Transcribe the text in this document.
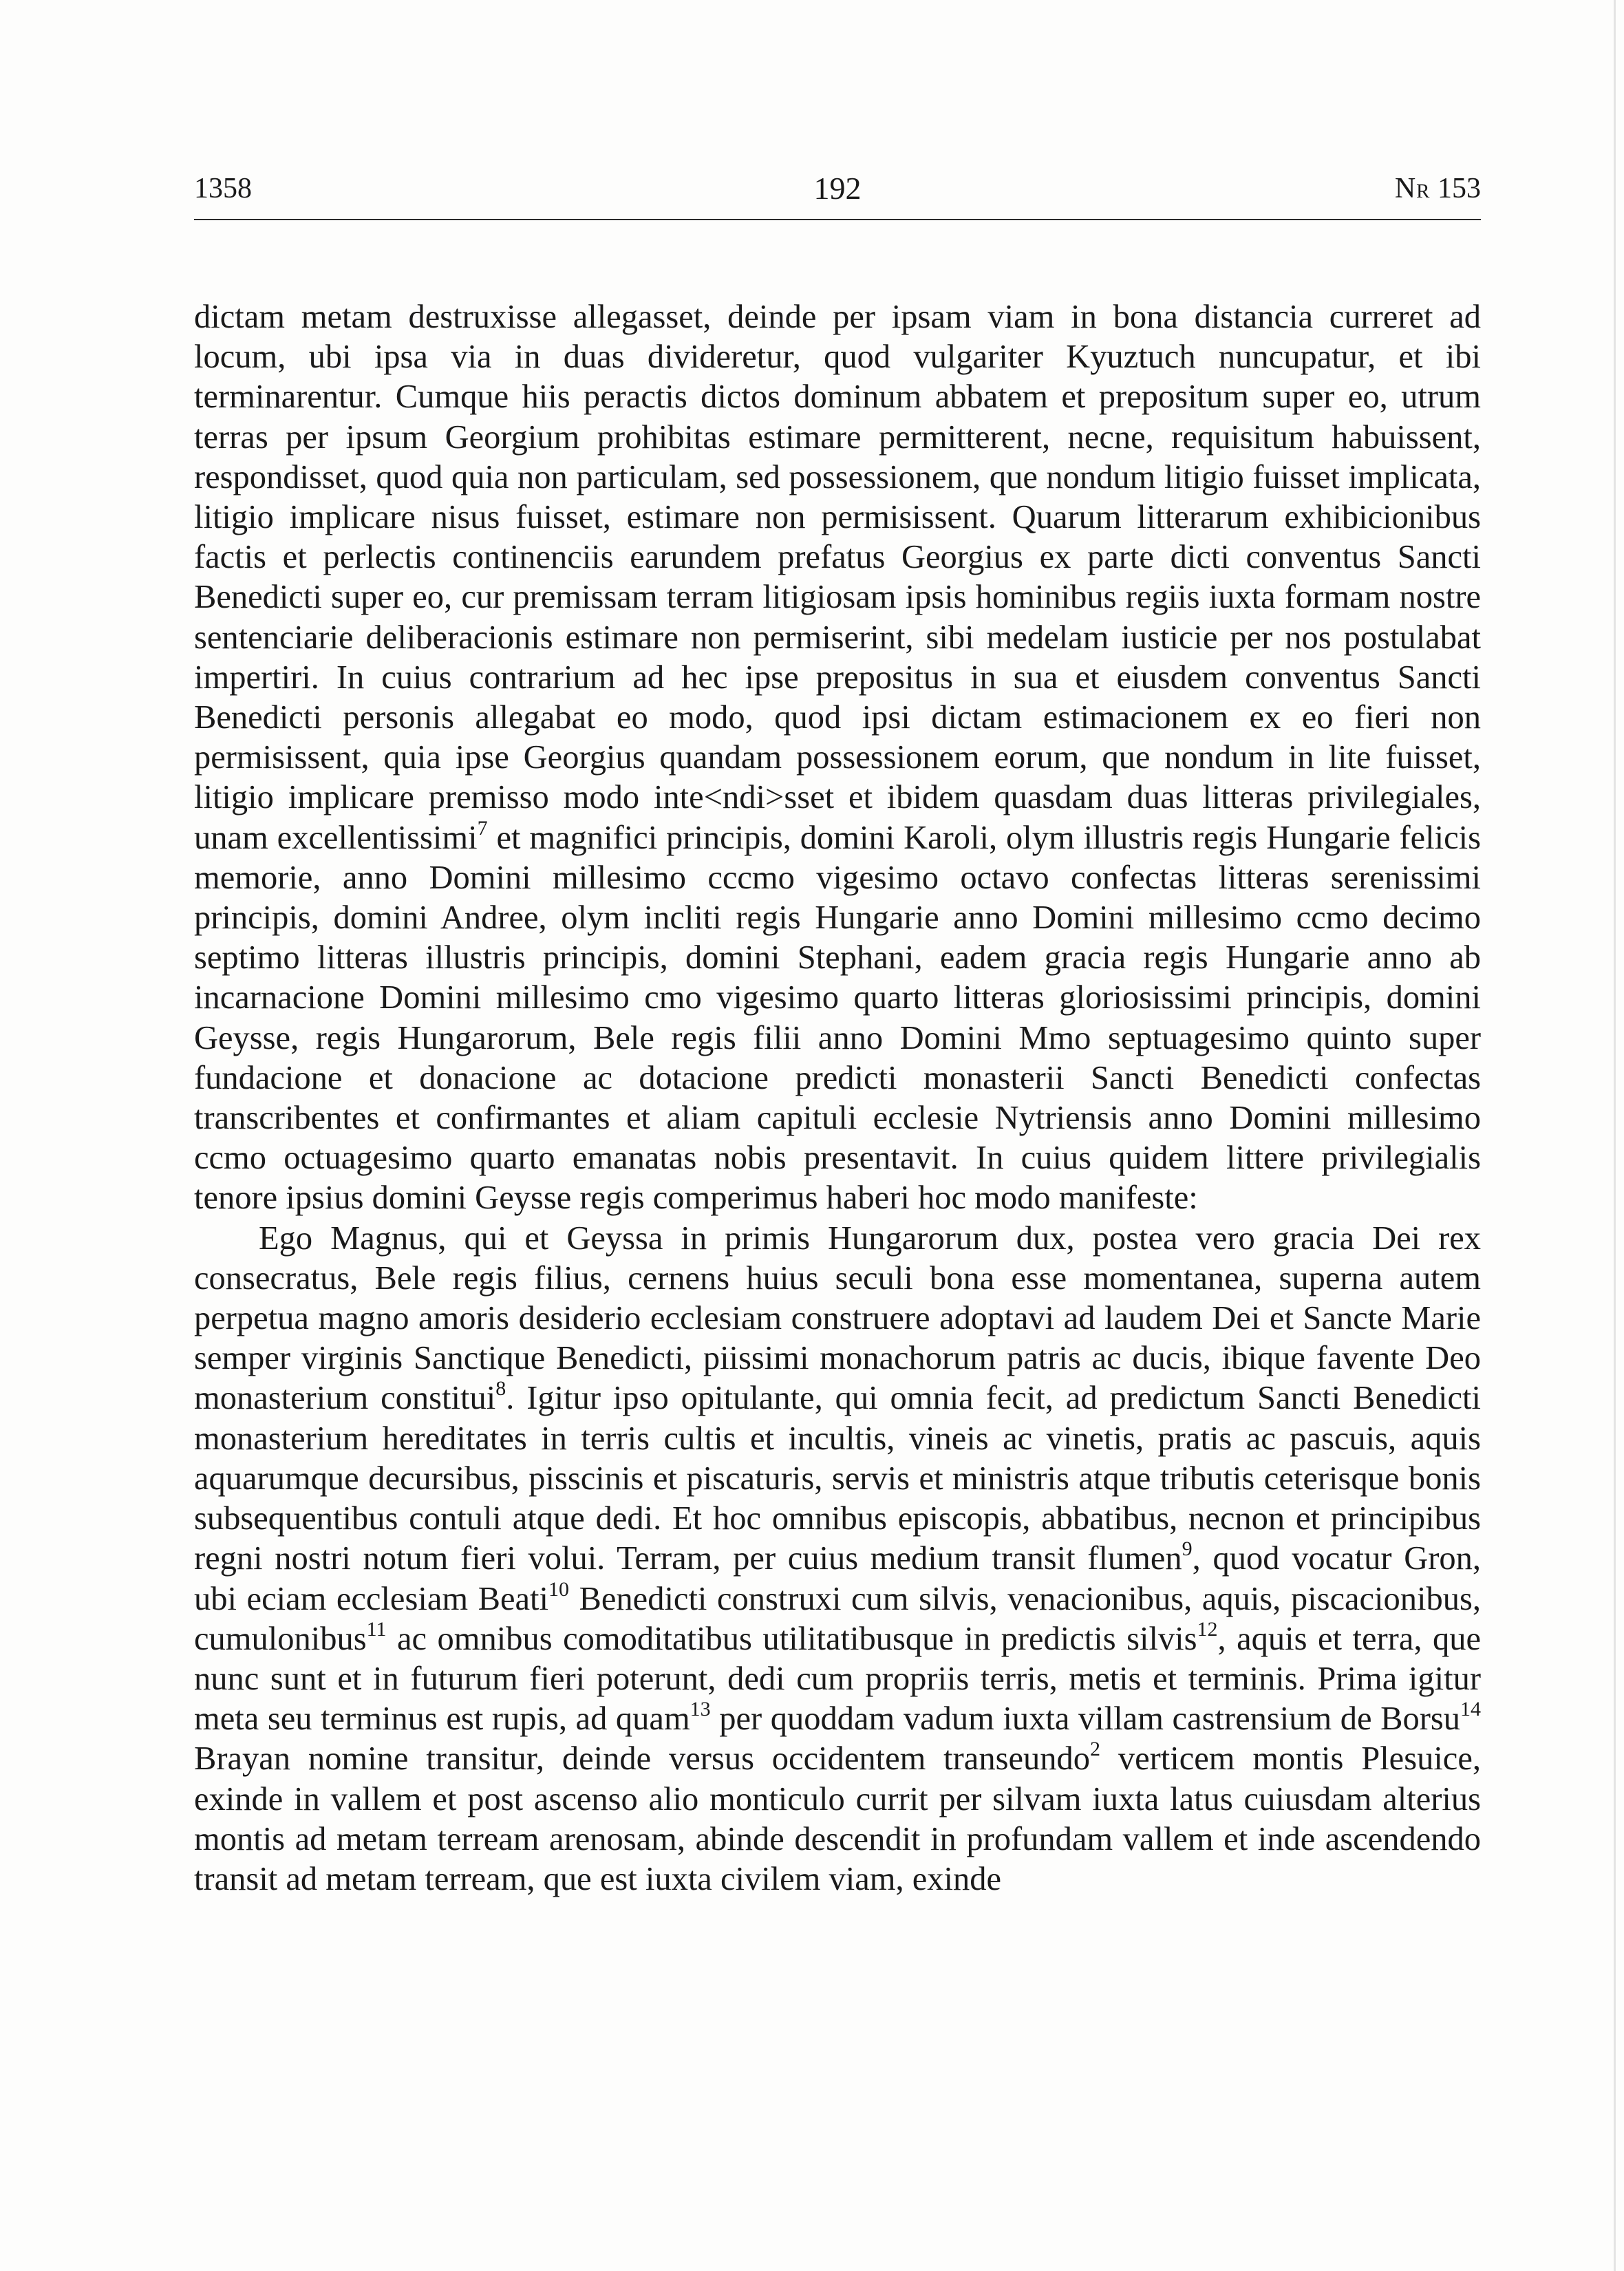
1358	192	Nr 153

dictam metam destruxisse allegasset, deinde per ipsam viam in bona distancia curreret ad locum, ubi ipsa via in duas divideretur, quod vulgariter Kyuztuch nuncupatur, et ibi terminarentur. Cumque hiis peractis dictos dominum abbatem et prepositum super eo, utrum terras per ipsum Georgium prohibitas estimare permitterent, necne, requisitum habuissent, respondisset, quod quia non particulam, sed possessionem, que nondum litigio fuisset implicata, litigio implicare nisus fuisset, estimare non permisissent. Quarum litterarum exhibicionibus factis et perlectis continenciis earundem prefatus Georgius ex parte dicti conventus Sancti Benedicti super eo, cur premissam terram litigiosam ipsis hominibus regiis iuxta formam nostre sentenciarie deliberacionis estimare non permiserint, sibi medelam iusticie per nos postulabat impertiri. In cuius contrarium ad hec ipse prepositus in sua et eiusdem conventus Sancti Benedicti personis allegabat eo modo, quod ipsi dictam estimacionem ex eo fieri non permisissent, quia ipse Georgius quandam possessionem eorum, que nondum in lite fuisset, litigio implicare premisso modo inte<ndi>sset et ibidem quasdam duas litteras privilegiales, unam excellentissimi$^7$ et magnifici principis, domini Karoli, olym illustris regis Hungarie felicis memorie, anno Domini millesimo cccmo vigesimo octavo confectas litteras serenissimi principis, domini Andree, olym incliti regis Hungarie anno Domini millesimo ccmo decimo septimo litteras illustris principis, domini Stephani, eadem gracia regis Hungarie anno ab incarnacione Domini millesimo cmo vigesimo quarto litteras gloriosissimi principis, domini Geysse, regis Hungarorum, Bele regis filii anno Domini Mmo septuagesimo quinto super fundacione et donacione ac dotacione predicti monasterii Sancti Benedicti confectas transcribentes et confirmantes et aliam capituli ecclesie Nytriensis anno Domini millesimo ccmo octuagesimo quarto emanatas nobis presentavit. In cuius quidem littere privilegialis tenore ipsius domini Geysse regis comperimus haberi hoc modo manifeste:

Ego Magnus, qui et Geyssa in primis Hungarorum dux, postea vero gracia Dei rex consecratus, Bele regis filius, cernens huius seculi bona esse momentanea, superna autem perpetua magno amoris desiderio ecclesiam construere adoptavi ad laudem Dei et Sancte Marie semper virginis Sanctique Benedicti, piissimi monachorum patris ac ducis, ibique favente Deo monasterium constitui$^8$. Igitur ipso opitulante, qui omnia fecit, ad predictum Sancti Benedicti monasterium hereditates in terris cultis et incultis, vineis ac vinetis, pratis ac pascuis, aquis aquarumque decursibus, pisscinis et piscaturis, servis et ministris atque tributis ceterisque bonis subsequentibus contuli atque dedi. Et hoc omnibus episcopis, abbatibus, necnon et principibus regni nostri notum fieri volui. Terram, per cuius medium transit flumen$^9$, quod vocatur Gron, ubi eciam ecclesiam Beati$^{10}$ Benedicti construxi cum silvis, venacionibus, aquis, piscacionibus, cumulonibus$^{11}$ ac omnibus comoditatibus utilitatibusque in predictis silvis$^{12}$, aquis et terra, que nunc sunt et in futurum fieri poterunt, dedi cum propriis terris, metis et terminis. Prima igitur meta seu terminus est rupis, ad quam$^{13}$ per quoddam vadum iuxta villam castrensium de Borsu$^{14}$ Brayan nomine transitur, deinde versus occidentem transeundo$^2$ verticem montis Plesuice, exinde in vallem et post ascenso alio monticulo currit per silvam iuxta latus cuiusdam alterius montis ad metam terream arenosam, abinde descendit in profundam vallem et inde ascendendo transit ad metam terream, que est iuxta civilem viam, exinde
